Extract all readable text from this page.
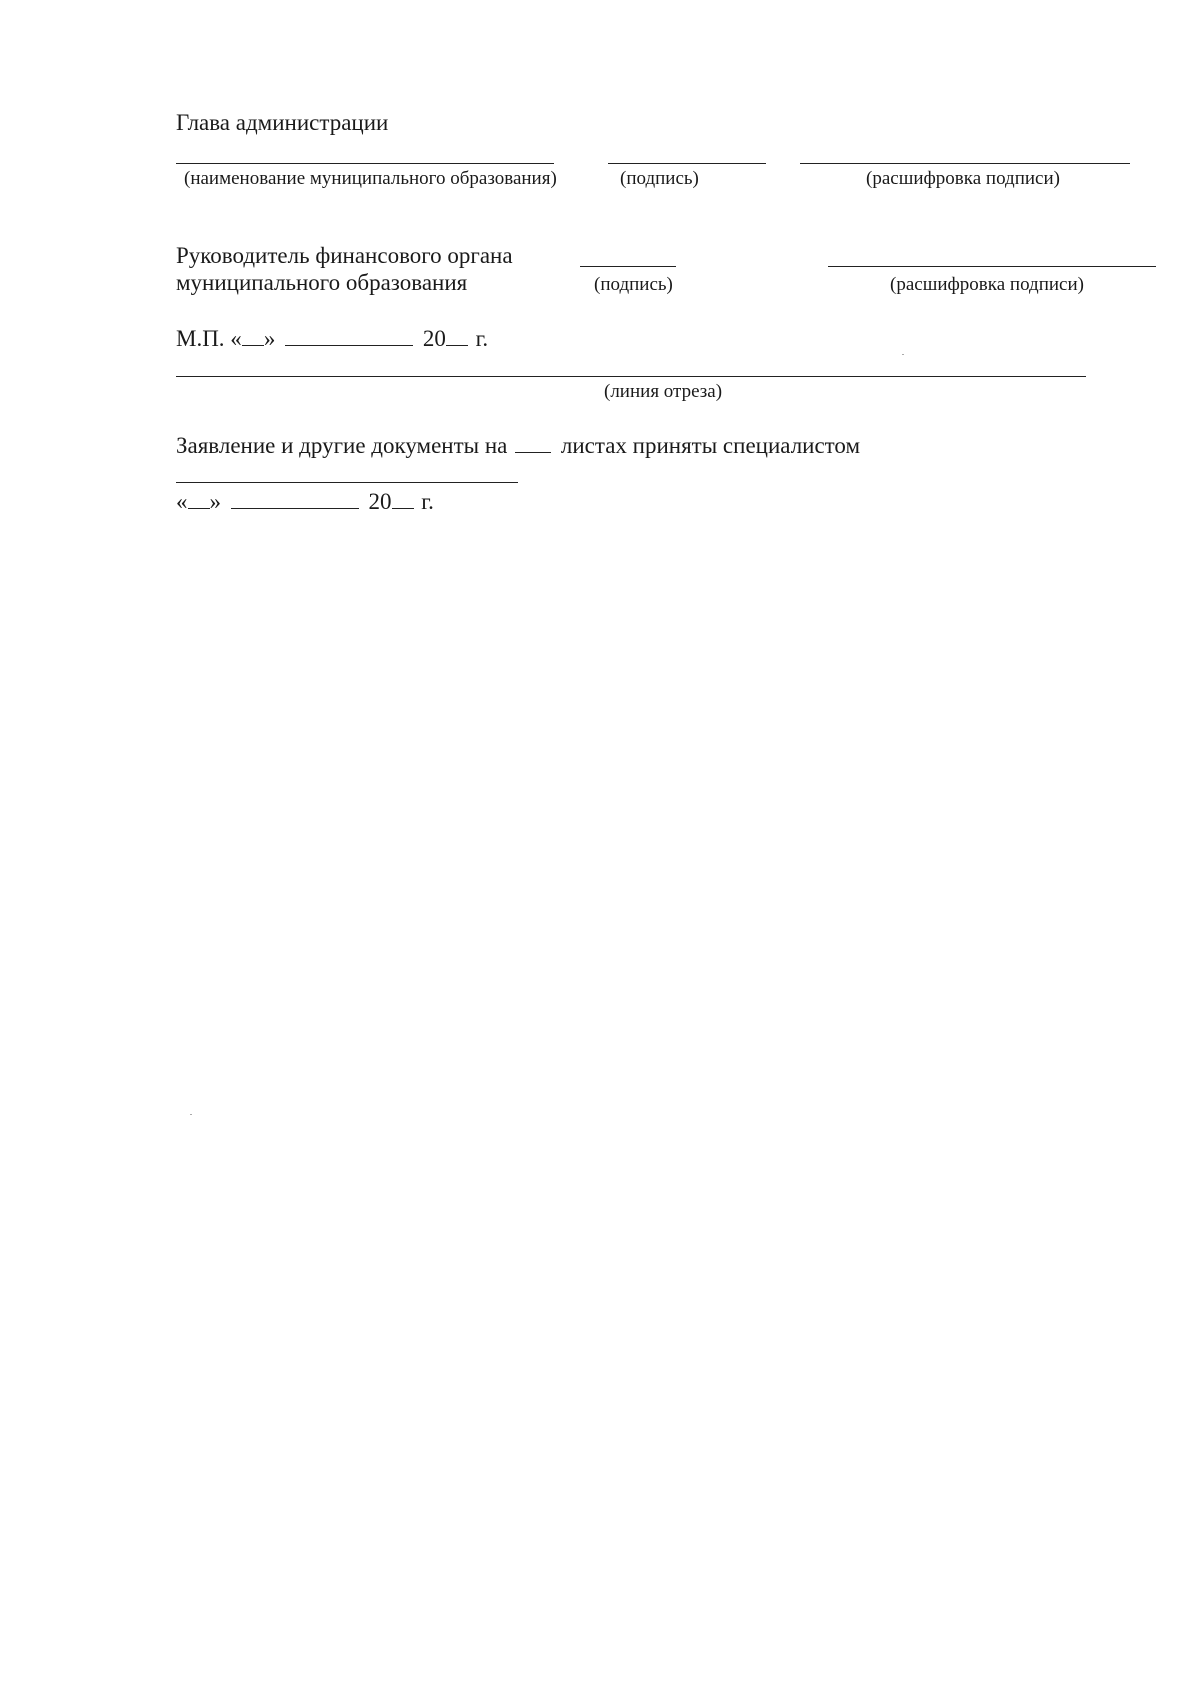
Глава администрации
(наименование муниципального образования)	(подпись)	(расшифровка подписи)
Руководитель финансового органа
муниципального образования	(подпись)	(расшифровка подписи)
М.П. « »	20 г.
(линия отреза)
Заявление и другие документы на листах приняты специалистом
« »	20 г.
